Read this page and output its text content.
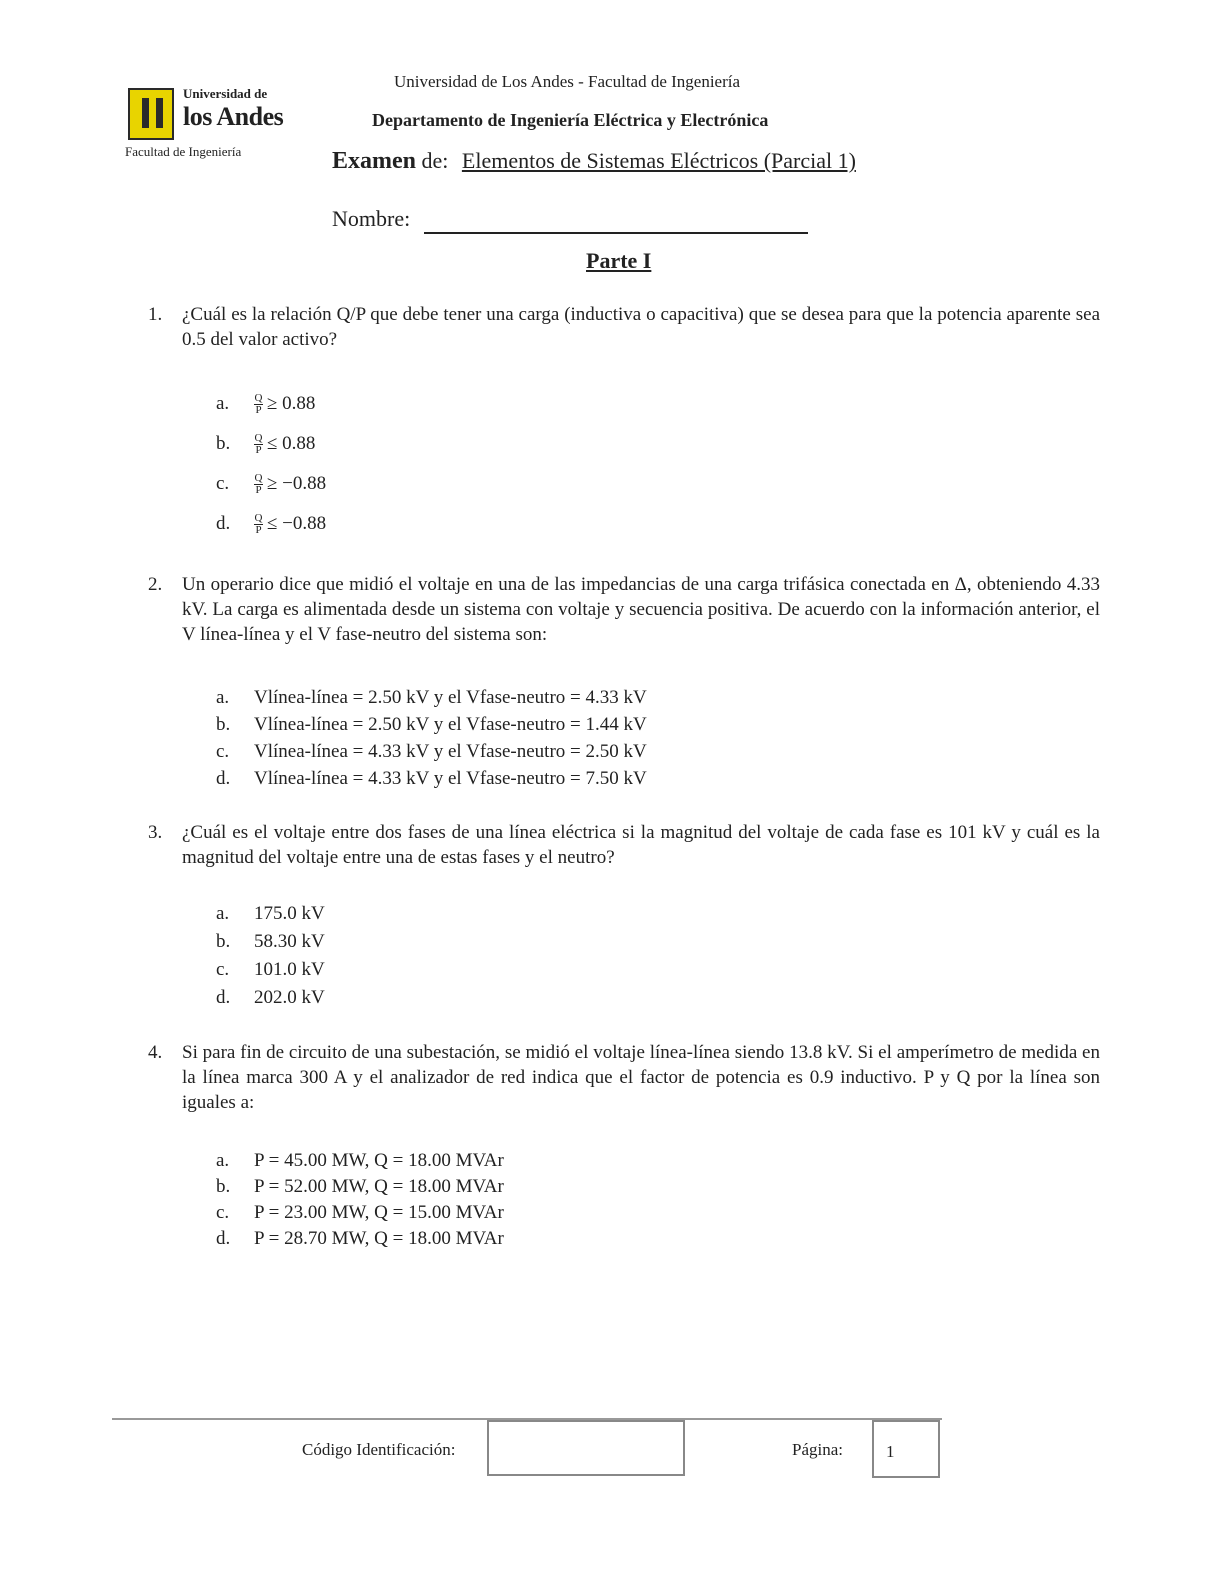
Universidad de
los Andes
Facultad de Ingeniería
Universidad de Los Andes - Facultad de Ingeniería
Departamento de Ingeniería Eléctrica y Electrónica
Examen de: Elementos de Sistemas Eléctricos (Parcial 1)
Nombre:
Parte I
1. ¿Cuál es la relación Q/P que debe tener una carga (inductiva o capacitiva) que se desea para que la potencia aparente sea 0.5 del valor activo?
a.	$\frac{Q}{P} \ge 0.88$
b.	$\frac{Q}{P} \le 0.88$
c.	$\frac{Q}{P} \ge -0.88$
d.	$\frac{Q}{P} \le -0.88$
2. Un operario dice que midió el voltaje en una de las impedancias de una carga trifásica conectada en Δ, obteniendo 4.33 kV. La carga es alimentada desde un sistema con voltaje y secuencia positiva. De acuerdo con la información anterior, el V línea-línea y el V fase-neutro del sistema son:
a.	Vlínea-línea = 2.50 kV y el Vfase-neutro = 4.33 kV
b.	Vlínea-línea = 2.50 kV y el Vfase-neutro = 1.44 kV
c.	Vlínea-línea = 4.33 kV y el Vfase-neutro = 2.50 kV
d.	Vlínea-línea = 4.33 kV y el Vfase-neutro = 7.50 kV
3. ¿Cuál es el voltaje entre dos fases de una línea eléctrica si la magnitud del voltaje de cada fase es 101 kV y cuál es la magnitud del voltaje entre una de estas fases y el neutro?
a.	175.0 kV
b.	58.30 kV
c.	101.0 kV
d.	202.0 kV
4. Si para fin de circuito de una subestación, se midió el voltaje línea-línea siendo 13.8 kV. Si el amperímetro de medida en la línea marca 300 A y el analizador de red indica que el factor de potencia es 0.9 inductivo. P y Q por la línea son iguales a:
a.	P = 45.00 MW, Q = 18.00 MVAr
b.	P = 52.00 MW, Q = 18.00 MVAr
c.	P = 23.00 MW, Q = 15.00 MVAr
d.	P = 28.70 MW, Q = 18.00 MVAr
Código Identificación:	Página:	1
